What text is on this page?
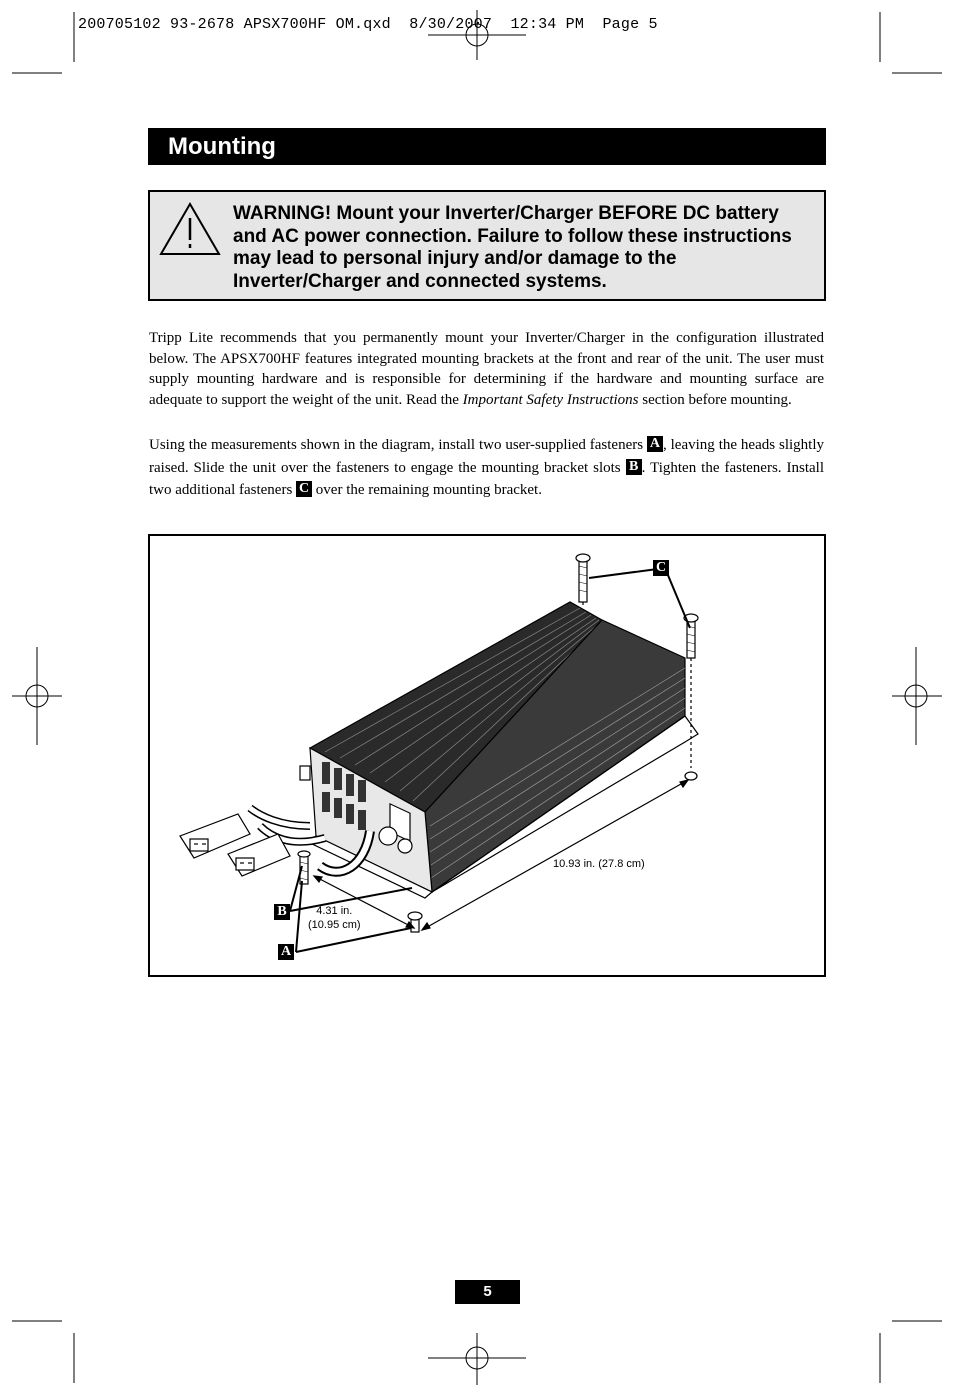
200705102 93-2678 APSX700HF OM.qxd  8/30/2007  12:34 PM  Page 5
Mounting
WARNING! Mount your Inverter/Charger BEFORE DC battery and AC power connection. Failure to follow these instructions may lead to personal injury and/or damage to the Inverter/Charger and connected systems.

Tripp Lite recommends that you permanently mount your Inverter/Charger in the configuration illustrated below. The APSX700HF features integrated mounting brackets at the front and rear of the unit. The user must supply mounting hardware and is responsible for determining if the hardware and mounting surface are adequate to support the weight of the unit. Read the Important Safety Instructions section before mounting.

Using the measurements shown in the diagram, install two user-supplied fasteners A , leaving the heads slightly raised. Slide the unit over the fasteners to engage the mounting bracket slots B . Tighten the fasteners. Install two additional fasteners C over the remaining mounting bracket.

C
B
A
4.31 in.
(10.95 cm)
10.93 in. (27.8 cm)
5
